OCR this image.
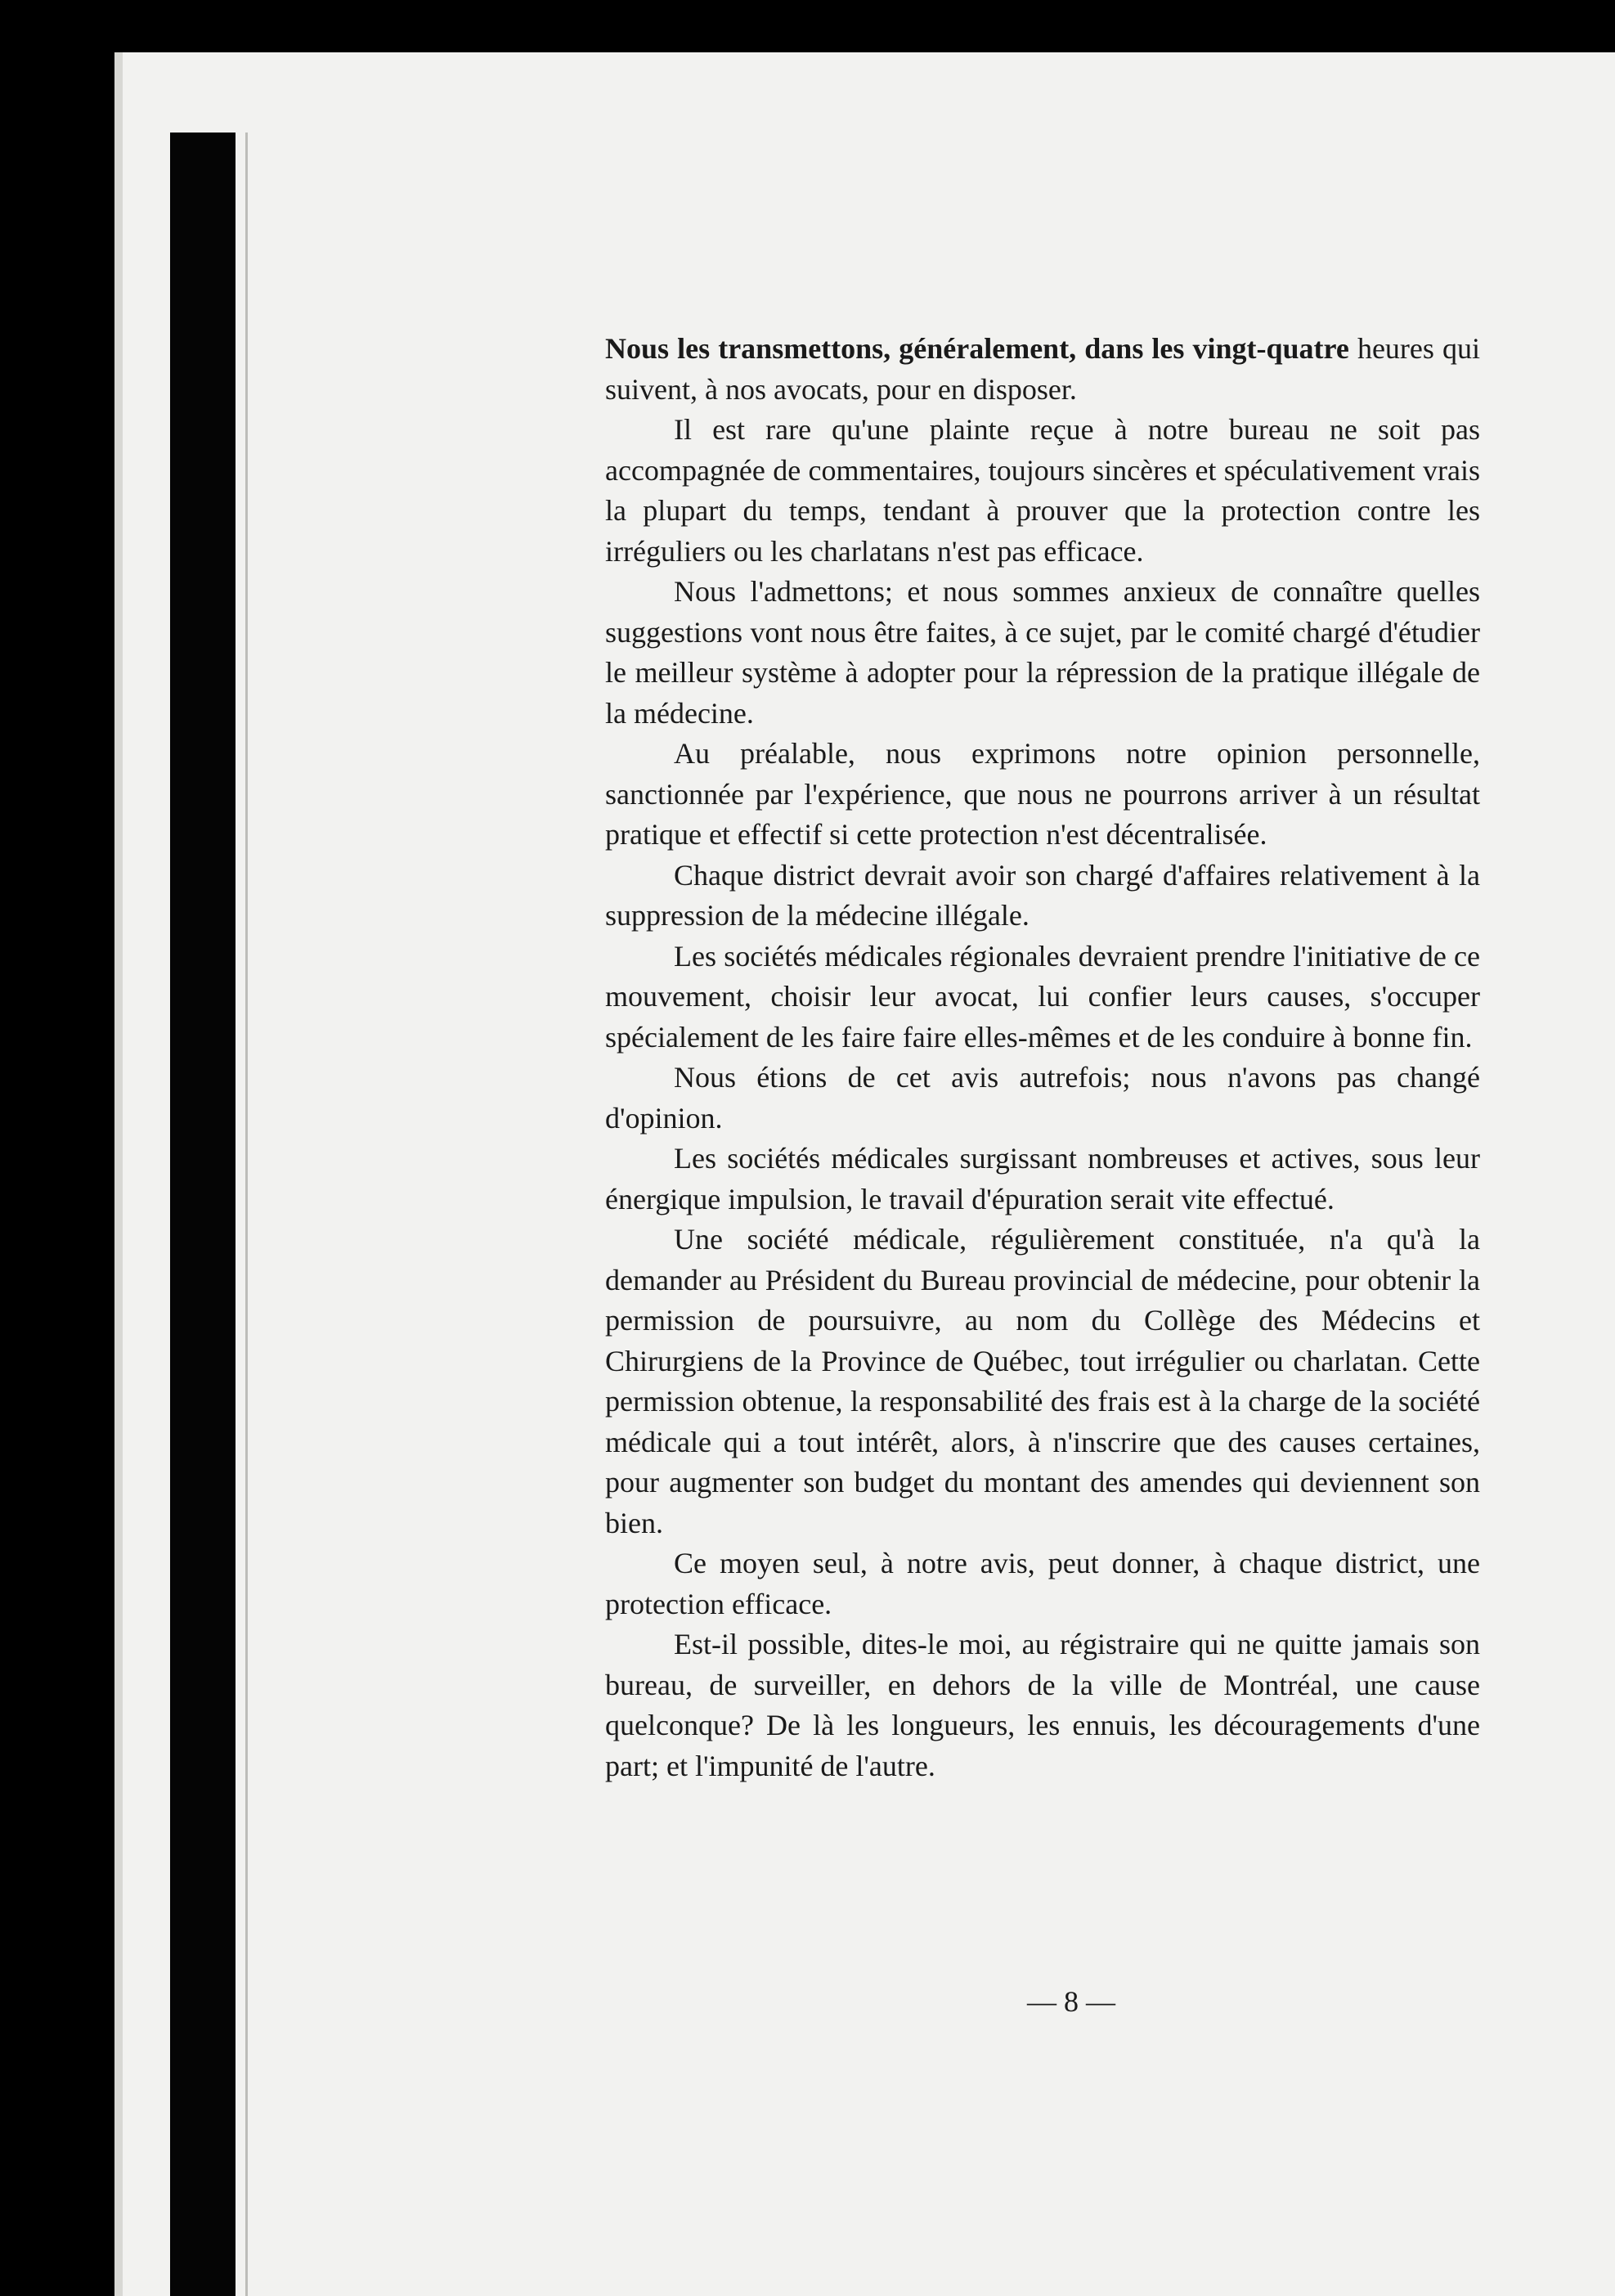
Nous les transmettons, généralement, dans les vingt-quatre heures qui suivent, à nos avocats, pour en disposer.

Il est rare qu'une plainte reçue à notre bureau ne soit pas accompagnée de commentaires, toujours sincères et spéculativement vrais la plupart du temps, tendant à prouver que la protection contre les irréguliers ou les charlatans n'est pas efficace.

Nous l'admettons; et nous sommes anxieux de connaître quelles suggestions vont nous être faites, à ce sujet, par le comité chargé d'étudier le meilleur système à adopter pour la répression de la pratique illégale de la médecine.

Au préalable, nous exprimons notre opinion personnelle, sanctionnée par l'expérience, que nous ne pourrons arriver à un résultat pratique et effectif si cette protection n'est décentralisée.

Chaque district devrait avoir son chargé d'affaires relativement à la suppression de la médecine illégale.

Les sociétés médicales régionales devraient prendre l'initiative de ce mouvement, choisir leur avocat, lui confier leurs causes, s'occuper spécialement de les faire faire elles-mêmes et de les conduire à bonne fin.

Nous étions de cet avis autrefois; nous n'avons pas changé d'opinion.

Les sociétés médicales surgissant nombreuses et actives, sous leur énergique impulsion, le travail d'épuration serait vite effectué.

Une société médicale, régulièrement constituée, n'a qu'à la demander au Président du Bureau provincial de médecine, pour obtenir la permission de poursuivre, au nom du Collège des Médecins et Chirurgiens de la Province de Québec, tout irrégulier ou charlatan. Cette permission obtenue, la responsabilité des frais est à la charge de la société médicale qui a tout intérêt, alors, à n'inscrire que des causes certaines, pour augmenter son budget du montant des amendes qui deviennent son bien.

Ce moyen seul, à notre avis, peut donner, à chaque district, une protection efficace.

Est-il possible, dites-le moi, au régistraire qui ne quitte jamais son bureau, de surveiller, en dehors de la ville de Montréal, une cause quelconque? De là les longueurs, les ennuis, les découragements d'une part; et l'impunité de l'autre.

— 8 —
